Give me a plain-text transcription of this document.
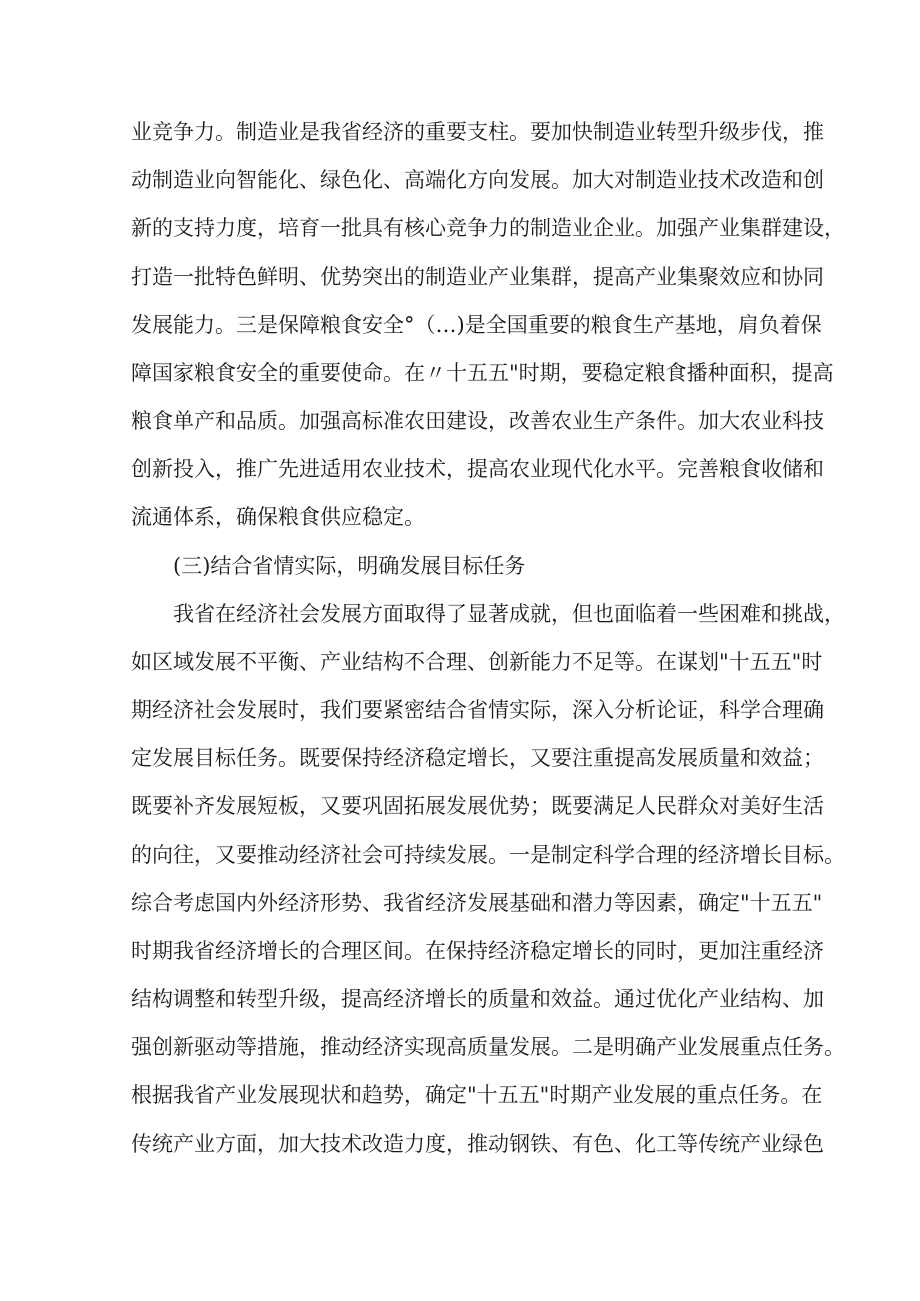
业竞争力。制造业是我省经济的重要支柱。要加快制造业转型升级步伐，推
动制造业向智能化、绿色化、高端化方向发展。加大对制造业技术改造和创
新的支持力度，培育一批具有核心竞争力的制造业企业。加强产业集群建设，
打造一批特色鲜明、优势突出的制造业产业集群，提高产业集聚效应和协同
发展能力。三是保障粮食安全°（…)是全国重要的粮食生产基地，肩负着保
障国家粮食安全的重要使命。在〃十五五"时期，要稳定粮食播种面积，提高
粮食单产和品质。加强高标准农田建设，改善农业生产条件。加大农业科技
创新投入，推广先进适用农业技术，提高农业现代化水平。完善粮食收储和
流通体系，确保粮食供应稳定。
(三)结合省情实际，明确发展目标任务
我省在经济社会发展方面取得了显著成就，但也面临着一些困难和挑战，
如区域发展不平衡、产业结构不合理、创新能力不足等。在谋划"十五五"时
期经济社会发展时，我们要紧密结合省情实际，深入分析论证，科学合理确
定发展目标任务。既要保持经济稳定增长，又要注重提高发展质量和效益；
既要补齐发展短板，又要巩固拓展发展优势；既要满足人民群众对美好生活
的向往，又要推动经济社会可持续发展。一是制定科学合理的经济增长目标。
综合考虑国内外经济形势、我省经济发展基础和潜力等因素，确定"十五五"
时期我省经济增长的合理区间。在保持经济稳定增长的同时，更加注重经济
结构调整和转型升级，提高经济增长的质量和效益。通过优化产业结构、加
强创新驱动等措施，推动经济实现高质量发展。二是明确产业发展重点任务。
根据我省产业发展现状和趋势，确定"十五五"时期产业发展的重点任务。在
传统产业方面，加大技术改造力度，推动钢铁、有色、化工等传统产业绿色
